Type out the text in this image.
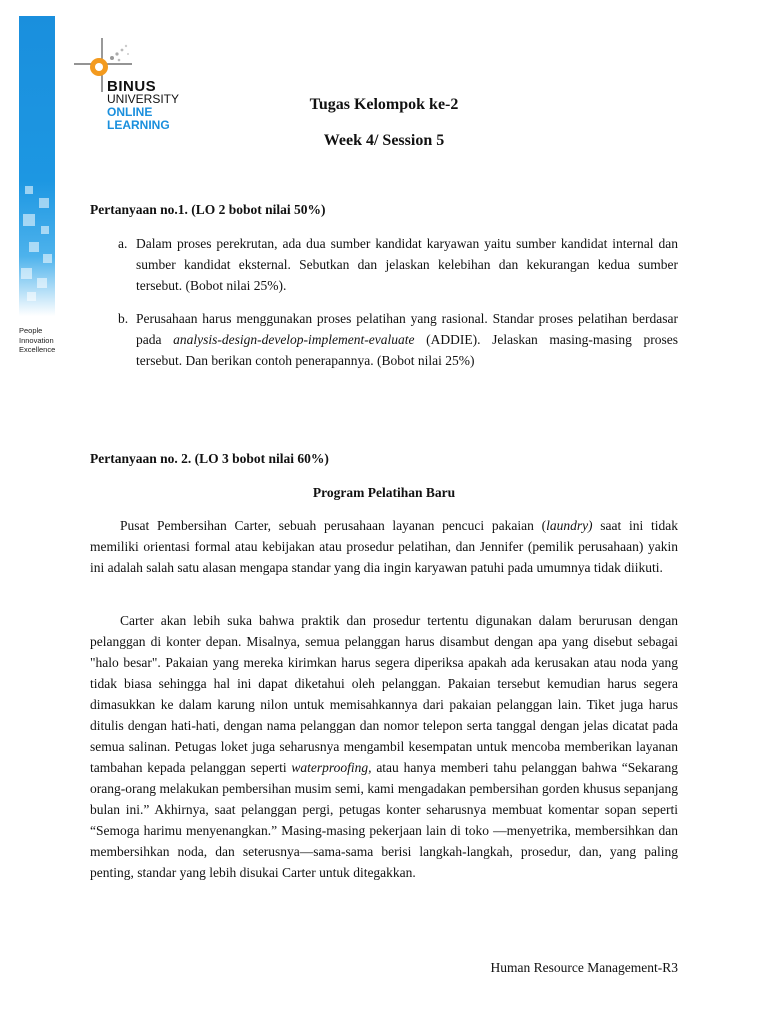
People
Innovation
Excellence
BINUS
UNIVERSITY
ONLINE
LEARNING
Tugas Kelompok ke-2
Week 4/ Session 5
Pertanyaan no.1. (LO 2 bobot nilai 50%)
a. Dalam proses perekrutan, ada dua sumber kandidat karyawan yaitu sumber kandidat internal dan sumber kandidat eksternal. Sebutkan dan jelaskan kelebihan dan kekurangan kedua sumber tersebut. (Bobot nilai 25%).
b. Perusahaan harus menggunakan proses pelatihan yang rasional. Standar proses pelatihan berdasar pada analysis-design-develop-implement-evaluate (ADDIE). Jelaskan masing-masing proses tersebut. Dan berikan contoh penerapannya. (Bobot nilai 25%)
Pertanyaan no. 2. (LO 3 bobot nilai 60%)
Program Pelatihan Baru
Pusat Pembersihan Carter, sebuah perusahaan layanan pencuci pakaian (laundry) saat ini tidak memiliki orientasi formal atau kebijakan atau prosedur pelatihan, dan Jennifer (pemilik perusahaan) yakin ini adalah salah satu alasan mengapa standar yang dia ingin karyawan patuhi pada umumnya tidak diikuti.
Carter akan lebih suka bahwa praktik dan prosedur tertentu digunakan dalam berurusan dengan pelanggan di konter depan. Misalnya, semua pelanggan harus disambut dengan apa yang disebut sebagai "halo besar". Pakaian yang mereka kirimkan harus segera diperiksa apakah ada kerusakan atau noda yang tidak biasa sehingga hal ini dapat diketahui oleh pelanggan. Pakaian tersebut kemudian harus segera dimasukkan ke dalam karung nilon untuk memisahkannya dari pakaian pelanggan lain. Tiket juga harus ditulis dengan hati-hati, dengan nama pelanggan dan nomor telepon serta tanggal dengan jelas dicatat pada semua salinan. Petugas loket juga seharusnya mengambil kesempatan untuk mencoba memberikan layanan tambahan kepada pelanggan seperti waterproofing, atau hanya memberi tahu pelanggan bahwa “Sekarang orang-orang melakukan pembersihan musim semi, kami mengadakan pembersihan gorden khusus sepanjang bulan ini.” Akhirnya, saat pelanggan pergi, petugas konter seharusnya membuat komentar sopan seperti “Semoga harimu menyenangkan.” Masing-masing pekerjaan lain di toko —menyetrika, membersihkan dan membersihkan noda, dan seterusnya—sama-sama berisi langkah-langkah, prosedur, dan, yang paling penting, standar yang lebih disukai Carter untuk ditegakkan.
Human Resource Management-R3
